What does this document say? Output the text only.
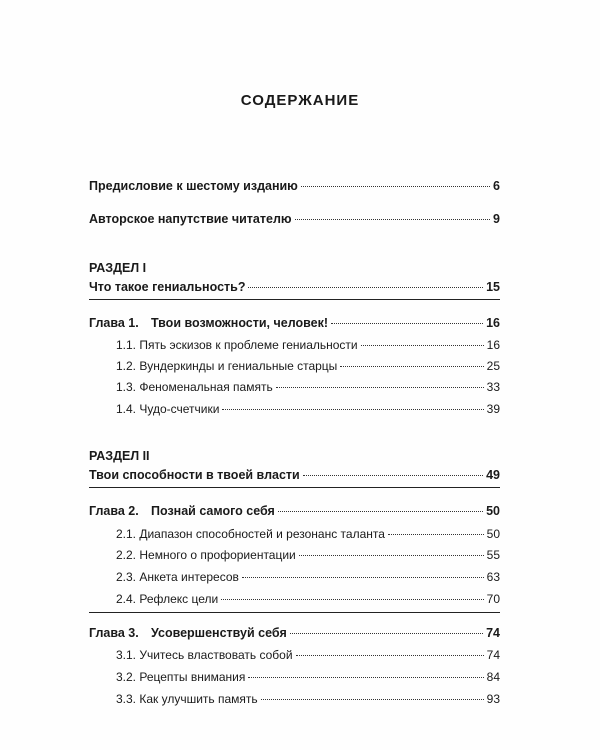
СОДЕРЖАНИЕ
Предисловие к шестому изданию	6
Авторское напутствие читателю	9
РАЗДЕЛ I
Что такое гениальность?	15
Глава 1. Твои возможности, человек!	16
1.1. Пять эскизов к проблеме гениальности	16
1.2. Вундеркинды и гениальные старцы	25
1.3. Феноменальная память	33
1.4. Чудо-счетчики	39
РАЗДЕЛ II
Твои способности в твоей власти	49
Глава 2. Познай самого себя	50
2.1. Диапазон способностей и резонанс таланта	50
2.2. Немного о профориентации	55
2.3. Анкета интересов	63
2.4. Рефлекс цели	70
Глава 3. Усовершенствуй себя	74
3.1. Учитесь властвовать собой	74
3.2. Рецепты внимания	84
3.3. Как улучшить память	93
